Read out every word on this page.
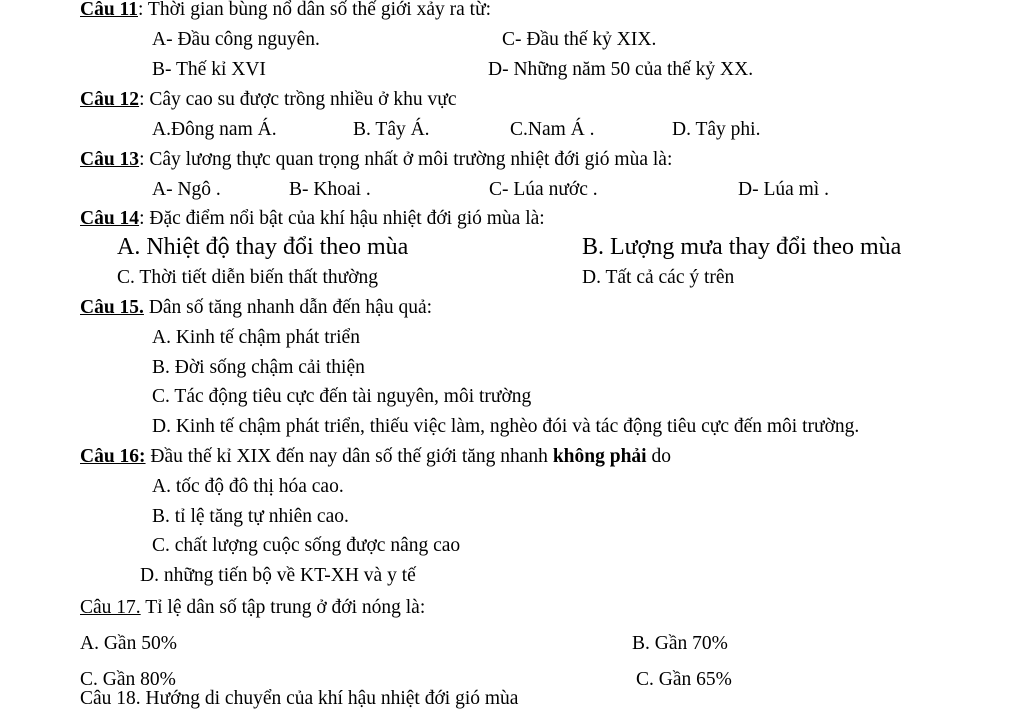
Câu 11: Thời gian bùng nổ dân số thế giới xảy ra từ:
A- Đầu công nguyên.	C- Đầu thế kỷ XIX.
B- Thế kỉ XVI	D- Những năm 50 của thế kỷ XX.
Câu 12: Cây cao su được trồng nhiều ở khu vực
A.Đông nam Á.	B. Tây Á.	C.Nam Á .	D. Tây phi.
Câu 13: Cây lương thực quan trọng nhất ở môi trường nhiệt đới gió mùa là:
A- Ngô .	B- Khoai .	C- Lúa nước .	D- Lúa mì .
Câu 14: Đặc điểm nổi bật của khí hậu nhiệt đới gió mùa là:
A. Nhiệt độ thay đổi theo mùa	B. Lượng mưa thay đổi theo mùa
C. Thời tiết diễn biến thất thường	D. Tất cả các ý trên
Câu 15. Dân số tăng nhanh dẫn đến hậu quả:
A. Kinh tế chậm phát triển
B. Đời sống chậm cải thiện
C. Tác động tiêu cực đến tài nguyên, môi trường
D. Kinh tế chậm phát triển, thiếu việc làm, nghèo đói và tác động tiêu cực đến môi trường.
Câu 16: Đầu thế kỉ XIX đến nay dân số thế giới tăng nhanh không phải do
A. tốc độ đô thị hóa cao.
B. tỉ lệ tăng tự nhiên cao.
C. chất lượng cuộc sống được nâng cao
D. những tiến bộ về KT-XH và y tế
Câu 17. Tỉ lệ dân số tập trung ở đới nóng là:
A. Gần 50%	B. Gần 70%
C. Gần 80%	C. Gần 65%
Câu 18. Hướng di chuyển của khí hậu nhiệt đới gió mùa
